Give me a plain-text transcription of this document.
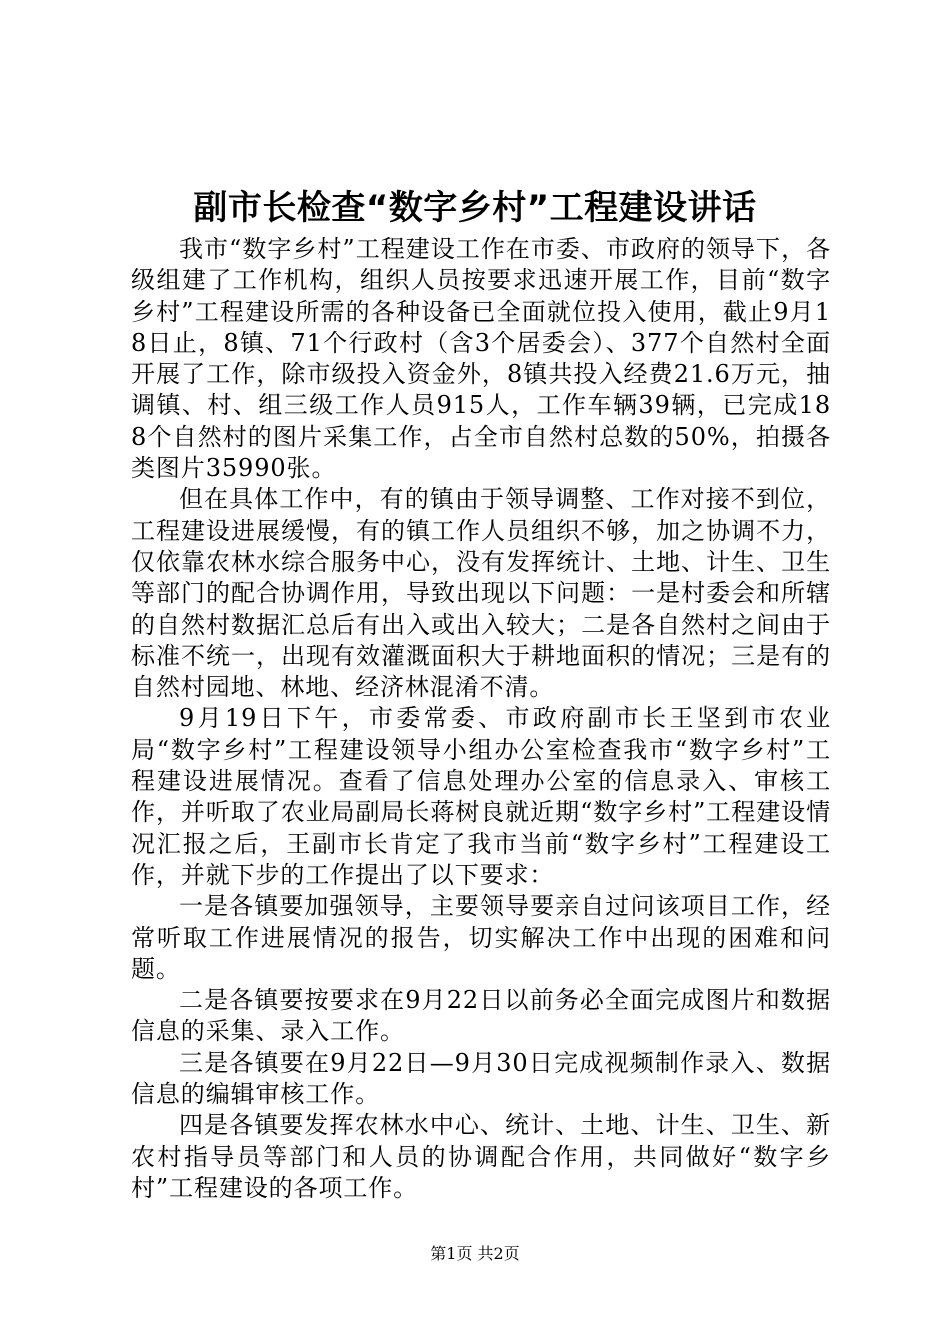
副市长检查“数字乡村”工程建设讲话

我市“数字乡村”工程建设工作在市委、市政府的领导下，各级组建了工作机构，组织人员按要求迅速开展工作，目前“数字乡村”工程建设所需的各种设备已全面就位投入使用，截止9月18日止，8镇、71个行政村（含3个居委会）、377个自然村全面开展了工作，除市级投入资金外，8镇共投入经费21.6万元，抽调镇、村、组三级工作人员915人，工作车辆39辆，已完成188个自然村的图片采集工作，占全市自然村总数的50%，拍摄各类图片35990张。

但在具体工作中，有的镇由于领导调整、工作对接不到位，工程建设进展缓慢，有的镇工作人员组织不够，加之协调不力，仅依靠农林水综合服务中心，没有发挥统计、土地、计生、卫生等部门的配合协调作用，导致出现以下问题：一是村委会和所辖的自然村数据汇总后有出入或出入较大；二是各自然村之间由于标准不统一，出现有效灌溉面积大于耕地面积的情况；三是有的自然村园地、林地、经济林混淆不清。

9月19日下午，市委常委、市政府副市长王坚到市农业局“数字乡村”工程建设领导小组办公室检查我市“数字乡村”工程建设进展情况。查看了信息处理办公室的信息录入、审核工作，并听取了农业局副局长蒋树良就近期“数字乡村”工程建设情况汇报之后，王副市长肯定了我市当前“数字乡村”工程建设工作，并就下步的工作提出了以下要求：

一是各镇要加强领导，主要领导要亲自过问该项目工作，经常听取工作进展情况的报告，切实解决工作中出现的困难和问题。

二是各镇要按要求在9月22日以前务必全面完成图片和数据信息的采集、录入工作。

三是各镇要在9月22日—9月30日完成视频制作录入、数据信息的编辑审核工作。

四是各镇要发挥农林水中心、统计、土地、计生、卫生、新农村指导员等部门和人员的协调配合作用，共同做好“数字乡村”工程建设的各项工作。

第1页 共2页
